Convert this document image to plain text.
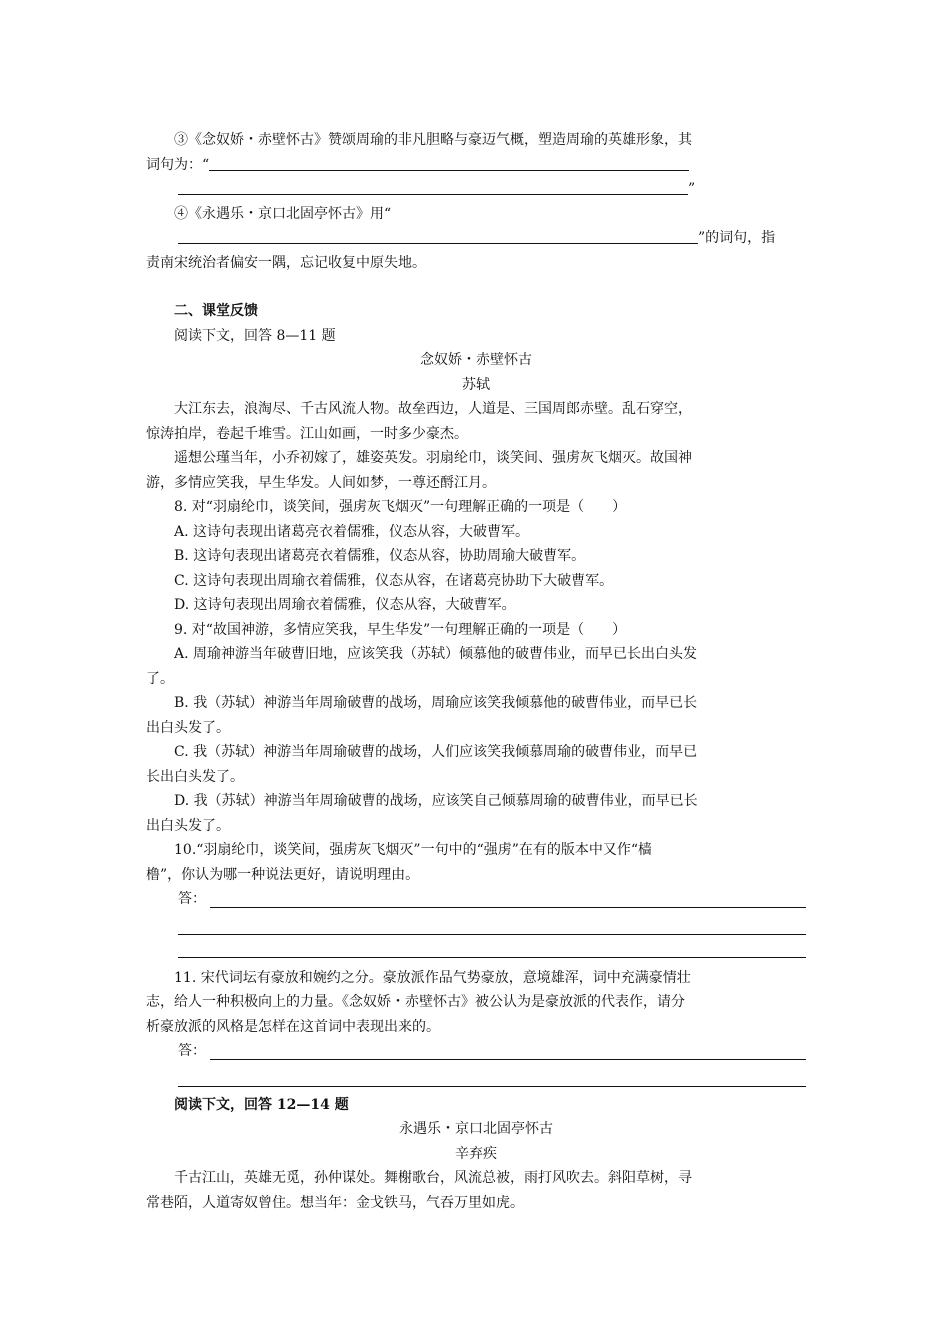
③《念奴娇・赤壁怀古》赞颂周瑜的非凡胆略与豪迈气概，塑造周瑜的英雄形象，其

词句为：“

”

④《永遇乐・京口北固亭怀古》用“

”的词句，指

责南宋统治者偏安一隅，忘记收复中原失地。

二、课堂反馈

阅读下文，回答 8—11 题

念奴娇・赤壁怀古

苏轼

大江东去，浪淘尽、千古风流人物。故垒西边，人道是、三国周郎赤壁。乱石穿空，

惊涛拍岸，卷起千堆雪。江山如画，一时多少豪杰。

遥想公瑾当年，小乔初嫁了，雄姿英发。羽扇纶巾，谈笑间、强虏灰飞烟灭。故国神

游，多情应笑我，早生华发。人间如梦，一尊还酹江月。

8. 对“羽扇纶巾，谈笑间，强虏灰飞烟灭”一句理解正确的一项是（　　）

A. 这诗句表现出诸葛亮衣着儒雅，仪态从容，大破曹军。

B. 这诗句表现出诸葛亮衣着儒雅，仪态从容，协助周瑜大破曹军。

C. 这诗句表现出周瑜衣着儒雅，仪态从容，在诸葛亮协助下大破曹军。

D. 这诗句表现出周瑜衣着儒雅，仪态从容，大破曹军。

9. 对“故国神游，多情应笑我，早生华发”一句理解正确的一项是（　　）

A. 周瑜神游当年破曹旧地，应该笑我（苏轼）倾慕他的破曹伟业，而早已长出白头发

了。

B. 我（苏轼）神游当年周瑜破曹的战场，周瑜应该笑我倾慕他的破曹伟业，而早已长

出白头发了。

C. 我（苏轼）神游当年周瑜破曹的战场，人们应该笑我倾慕周瑜的破曹伟业，而早已

长出白头发了。

D. 我（苏轼）神游当年周瑜破曹的战场，应该笑自己倾慕周瑜的破曹伟业，而早已长

出白头发了。

10.“羽扇纶巾，谈笑间，强虏灰飞烟灭”一句中的“强虏”在有的版本中又作“樯

橹”，你认为哪一种说法更好，请说明理由。

答：

11. 宋代词坛有豪放和婉约之分。豪放派作品气势豪放，意境雄浑，词中充满豪情壮

志，给人一种积极向上的力量。《念奴娇・赤壁怀古》被公认为是豪放派的代表作，请分

析豪放派的风格是怎样在这首词中表现出来的。

答：

阅读下文，回答 12—14 题

永遇乐・京口北固亭怀古

辛弃疾

千古江山，英雄无觅，孙仲谋处。舞榭歌台，风流总被，雨打风吹去。斜阳草树，寻

常巷陌，人道寄奴曾住。想当年：金戈铁马，气吞万里如虎。
